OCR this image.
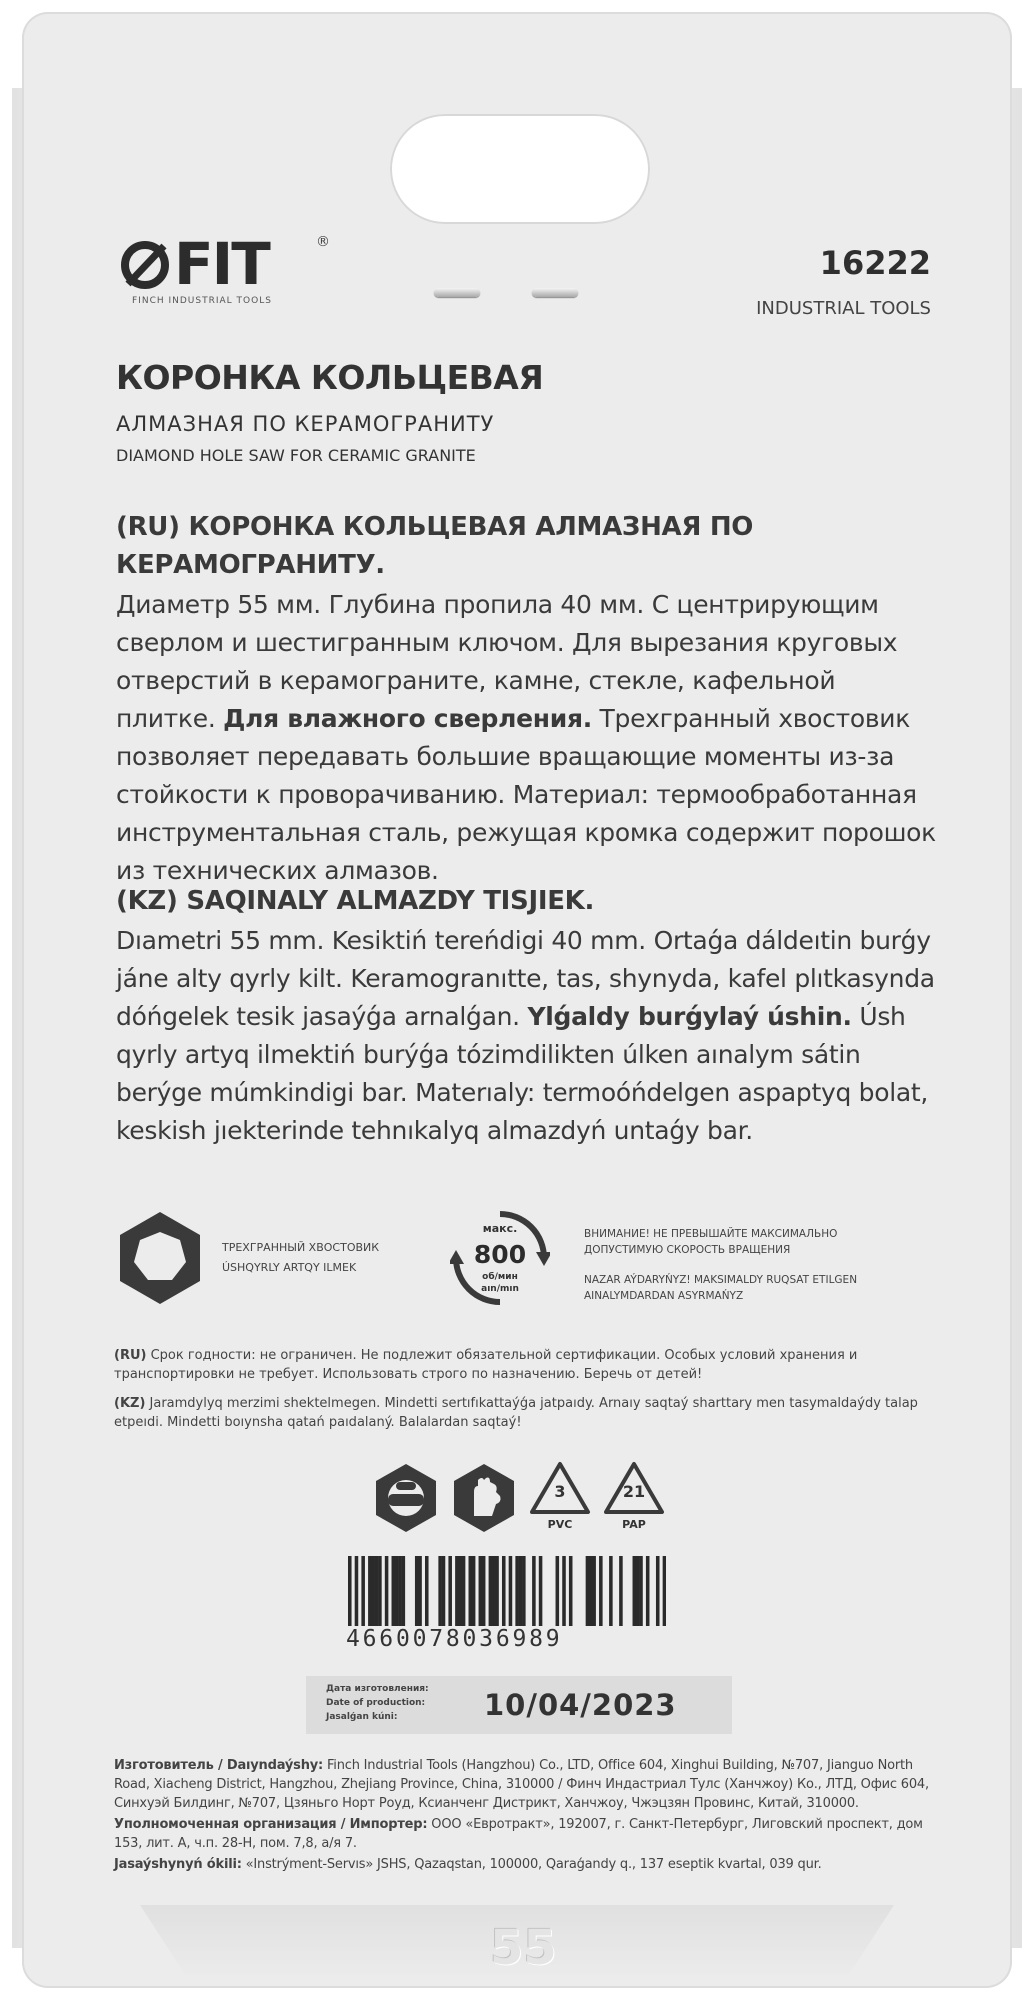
FIT	®
FINCH INDUSTRIAL TOOLS
16222
INDUSTRIAL TOOLS
КОРОНКА КОЛЬЦЕВАЯ
АЛМАЗНАЯ ПО КЕРАМОГРАНИТУ
DIAMOND HOLE SAW FOR CERAMIC GRANITE
(RU) КОРОНКА КОЛЬЦЕВАЯ АЛМАЗНАЯ ПО КЕРАМОГРАНИТУ.
Диаметр 55 мм. Глубина пропила 40 мм. С центрирующим сверлом и шестигранным ключом. Для вырезания круговых отверстий в керамограните, камне, стекле, кафельной плитке. Для влажного сверления. Трехгранный хвостовик позволяет передавать большие вращающие моменты из-за стойкости к проворачиванию. Материал: термообработанная инструментальная сталь, режущая кромка содержит порошок из технических алмазов.
(KZ) SAQINALY ALMAZDY TISJIEK.
Dıametri 55 mm. Kesiktiń tereńdigi 40 mm. Ortaǵa dáldeıtin burǵy jáne alty qyrly kilt. Keramogranıtte, tas, shynyda, kafel plıtkasynda dóńgelek tesik jasaýǵa arnalǵan. Ylǵaldy burǵylaý úshin. Úsh qyrly artyq ilmektiń burýǵa tózimdilikten úlken aınalym sátin berýge múmkindigi bar. Materıaly: termoóńdelgen aspaptyq bolat, keskish jıekterinde tehnıkalyq almazdyń untaǵy bar.
ТРЕХГРАННЫЙ ХВОСТОВИК
ÚSHQYRLY ARTQY ILMEK
макс.
800
об/мин
aın/mın
ВНИМАНИЕ! НЕ ПРЕВЫШАЙТЕ МАКСИМАЛЬНО
ДОПУСТИМУЮ СКОРОСТЬ ВРАЩЕНИЯ
NAZAR AÝDARYŃYZ! MAKSIMALDY RUQSAT ETILGEN
AINALYMDARDAN ASYRMAŃYZ
(RU) Срок годности: не ограничен. Не подлежит обязательной сертификации. Особых условий хранения и транспортировки не требует. Использовать строго по назначению. Беречь от детей!
(KZ) Jaramdylyq merzimi shektelmegen. Mindetti sertıfıkattaýǵa jatpaıdy. Arnaıy saqtaý sharttary men tasymaldaýdy talap etpeıdi. Mindetti boıynsha qatań paıdalaný. Balalardan saqtaý!
3
PVC
21
PAP
4660078036989
Дата изготовления:
Date of production:
Jasalǵan kúni:	10/04/2023

Изготовитель / Daıyndaýshy: Finch Industrial Tools (Hangzhou) Co., LTD, Office 604, Xinghui Building, №707, Jianguo North Road, Xiacheng District, Hangzhou, Zhejiang Province, China, 310000 / Финч Индастриал Тулс (Ханчжоу) Ко., ЛТД, Офис 604, Синхуэй Билдинг, №707, Цзяньго Норт Роуд, Ксианченг Дистрикт, Ханчжоу, Чжэцзян Провинс, Китай, 310000.

Уполномоченная организация / Импортер: ООО «Евротракт», 192007, г. Санкт-Петербург, Лиговский проспект, дом 153, лит. А, ч.п. 28-Н, пом. 7,8, а/я 7.

Jasaýshynyń ókili: «Instrýment-Servıs» JSHS, Qazaqstan, 100000, Qaraǵandy q., 137 eseptik kvartal, 039 qur.

55
